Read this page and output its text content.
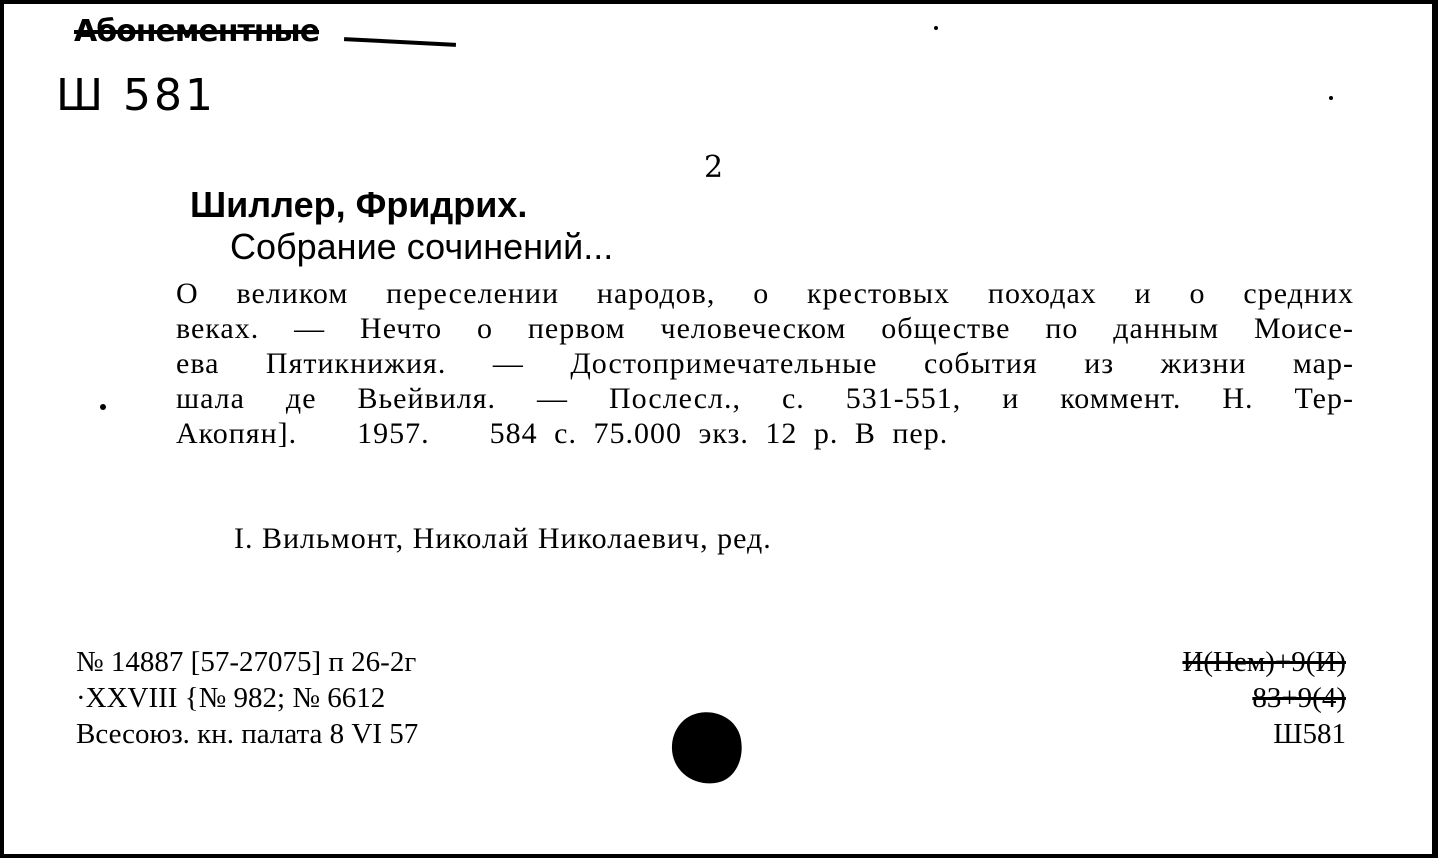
Абонементные
Ш 581
2
Шиллер, Фридрих.
Собрание сочинений...
О великом переселении народов, о крестовых походах и о средних
веках. — Нечто о первом человеческом обществе по данным Моисе-
ева Пятикнижия. — Достопримечательные события из жизни мар-
шала де Вьейвиля. — Послесл., с. 531-551, и коммент. Н. Тер-
Акопян]. 1957. 584 с. 75.000 экз. 12 р. В пер.
I. Вильмонт, Николай Николаевич, ред.
№ 14887 [57-27075] п 26-2г
·XXVIII {№ 982; № 6612
Всесоюз. кн. палата 8 VI 57
И(Нем)+9(И)
83+9(4)
Ш581
